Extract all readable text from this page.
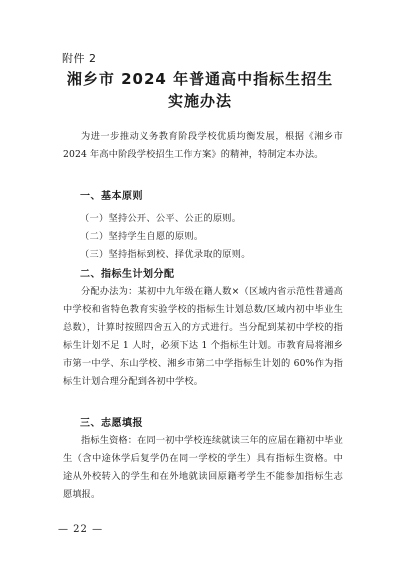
附件 2
湘乡市 2024 年普通高中指标生招生
实施办法
为进一步推动义务教育阶段学校优质均衡发展，根据《湘乡市 2024 年高中阶段学校招生工作方案》的精神，特制定本办法。
一、基本原则
（一）坚持公开、公平、公正的原则。
（二）坚持学生自愿的原则。
（三）坚持指标到校、择优录取的原则。
二、指标生计划分配
分配办法为：某初中九年级在籍人数×（区域内省示范性普通高中学校和省特色教育实验学校的指标生计划总数/区域内初中毕业生总数），计算时按照四舍五入的方式进行。当分配到某初中学校的指标生计划不足 1 人时，必须下达 1 个指标生计划。市教育局将湘乡市第一中学、东山学校、湘乡市第二中学指标生计划的 60%作为指标生计划合理分配到各初中学校。
三、志愿填报
指标生资格：在同一初中学校连续就读三年的应届在籍初中毕业生（含中途休学后复学仍在同一学校的学生）具有指标生资格。中途从外校转入的学生和在外地就读回原籍考学生不能参加指标生志愿填报。
— 22 —
